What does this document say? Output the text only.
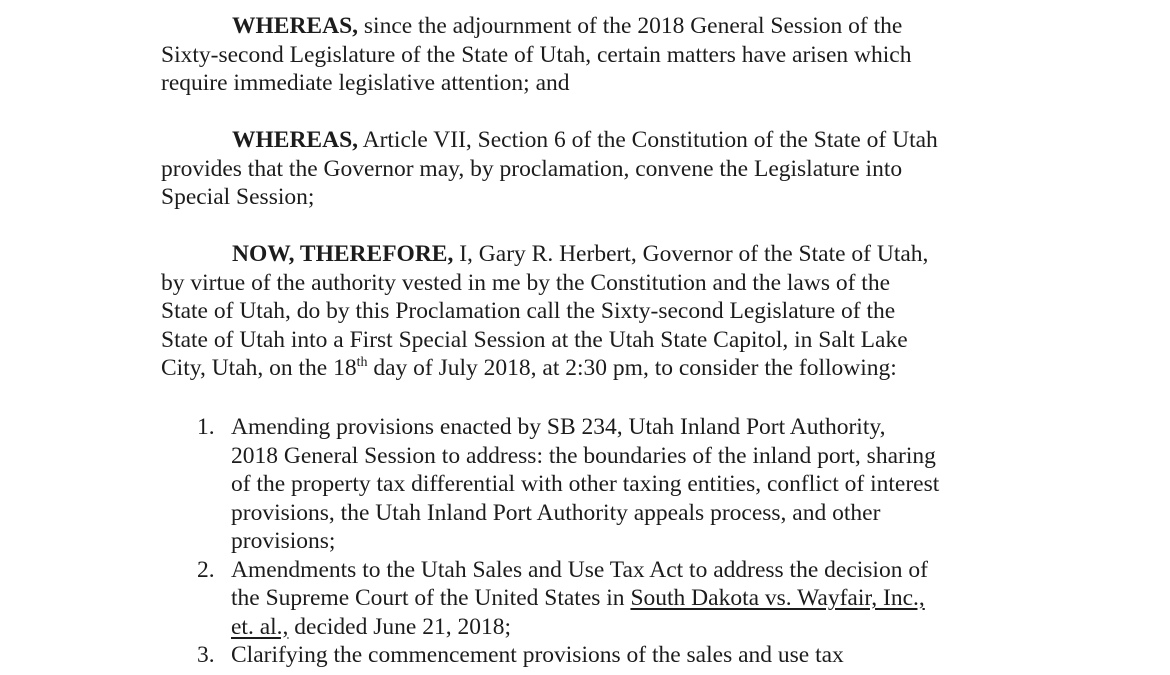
WHEREAS, since the adjournment of the 2018 General Session of the
Sixty-second Legislature of the State of Utah, certain matters have arisen which
require immediate legislative attention; and

WHEREAS, Article VII, Section 6 of the Constitution of the State of Utah
provides that the Governor may, by proclamation, convene the Legislature into
Special Session;

NOW, THEREFORE, I, Gary R. Herbert, Governor of the State of Utah,
by virtue of the authority vested in me by the Constitution and the laws of the
State of Utah, do by this Proclamation call the Sixty-second Legislature of the
State of Utah into a First Special Session at the Utah State Capitol, in Salt Lake
City, Utah, on the 18th day of July 2018, at 2:30 pm, to consider the following:

1. Amending provisions enacted by SB 234, Utah Inland Port Authority,
2018 General Session to address: the boundaries of the inland port, sharing
of the property tax differential with other taxing entities, conflict of interest
provisions, the Utah Inland Port Authority appeals process, and other
provisions;
2. Amendments to the Utah Sales and Use Tax Act to address the decision of
the Supreme Court of the United States in South Dakota vs. Wayfair, Inc.,
et. al., decided June 21, 2018;
3. Clarifying the commencement provisions of the sales and use tax
